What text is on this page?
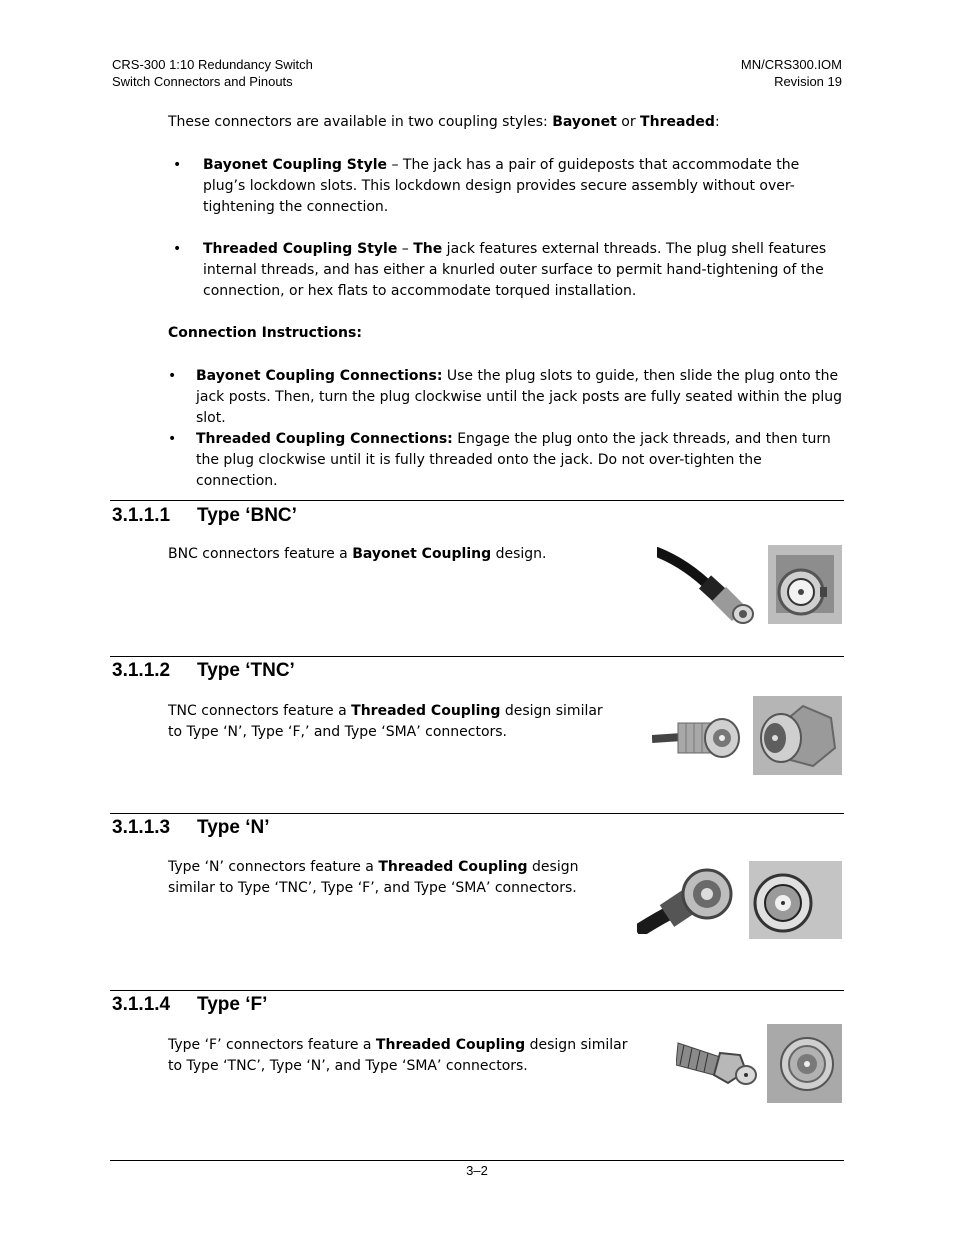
CRS-300 1:10 Redundancy Switch
Switch Connectors and Pinouts
MN/CRS300.IOM
Revision 19
These connectors are available in two coupling styles: Bayonet or Threaded:
• Bayonet Coupling Style – The jack has a pair of guideposts that accommodate the plug’s lockdown slots. This lockdown design provides secure assembly without over-tightening the connection.
• Threaded Coupling Style – The jack features external threads. The plug shell features internal threads, and has either a knurled outer surface to permit hand-tightening of the connection, or hex flats to accommodate torqued installation.
Connection Instructions:
• Bayonet Coupling Connections: Use the plug slots to guide, then slide the plug onto the jack posts. Then, turn the plug clockwise until the jack posts are fully seated within the plug slot.
• Threaded Coupling Connections: Engage the plug onto the jack threads, and then turn the plug clockwise until it is fully threaded onto the jack. Do not over-tighten the connection.
3.1.1.1 Type ‘BNC’
BNC connectors feature a Bayonet Coupling design.
3.1.1.2 Type ‘TNC’
TNC connectors feature a Threaded Coupling design similar to Type ‘N’, Type ‘F,’ and Type ‘SMA’ connectors.
3.1.1.3 Type ‘N’
Type ‘N’ connectors feature a Threaded Coupling design similar to Type ‘TNC’, Type ‘F’, and Type ‘SMA’ connectors.
3.1.1.4 Type ‘F’
Type ‘F’ connectors feature a Threaded Coupling design similar to Type ‘TNC’, Type ‘N’, and Type ‘SMA’ connectors.
3–2
